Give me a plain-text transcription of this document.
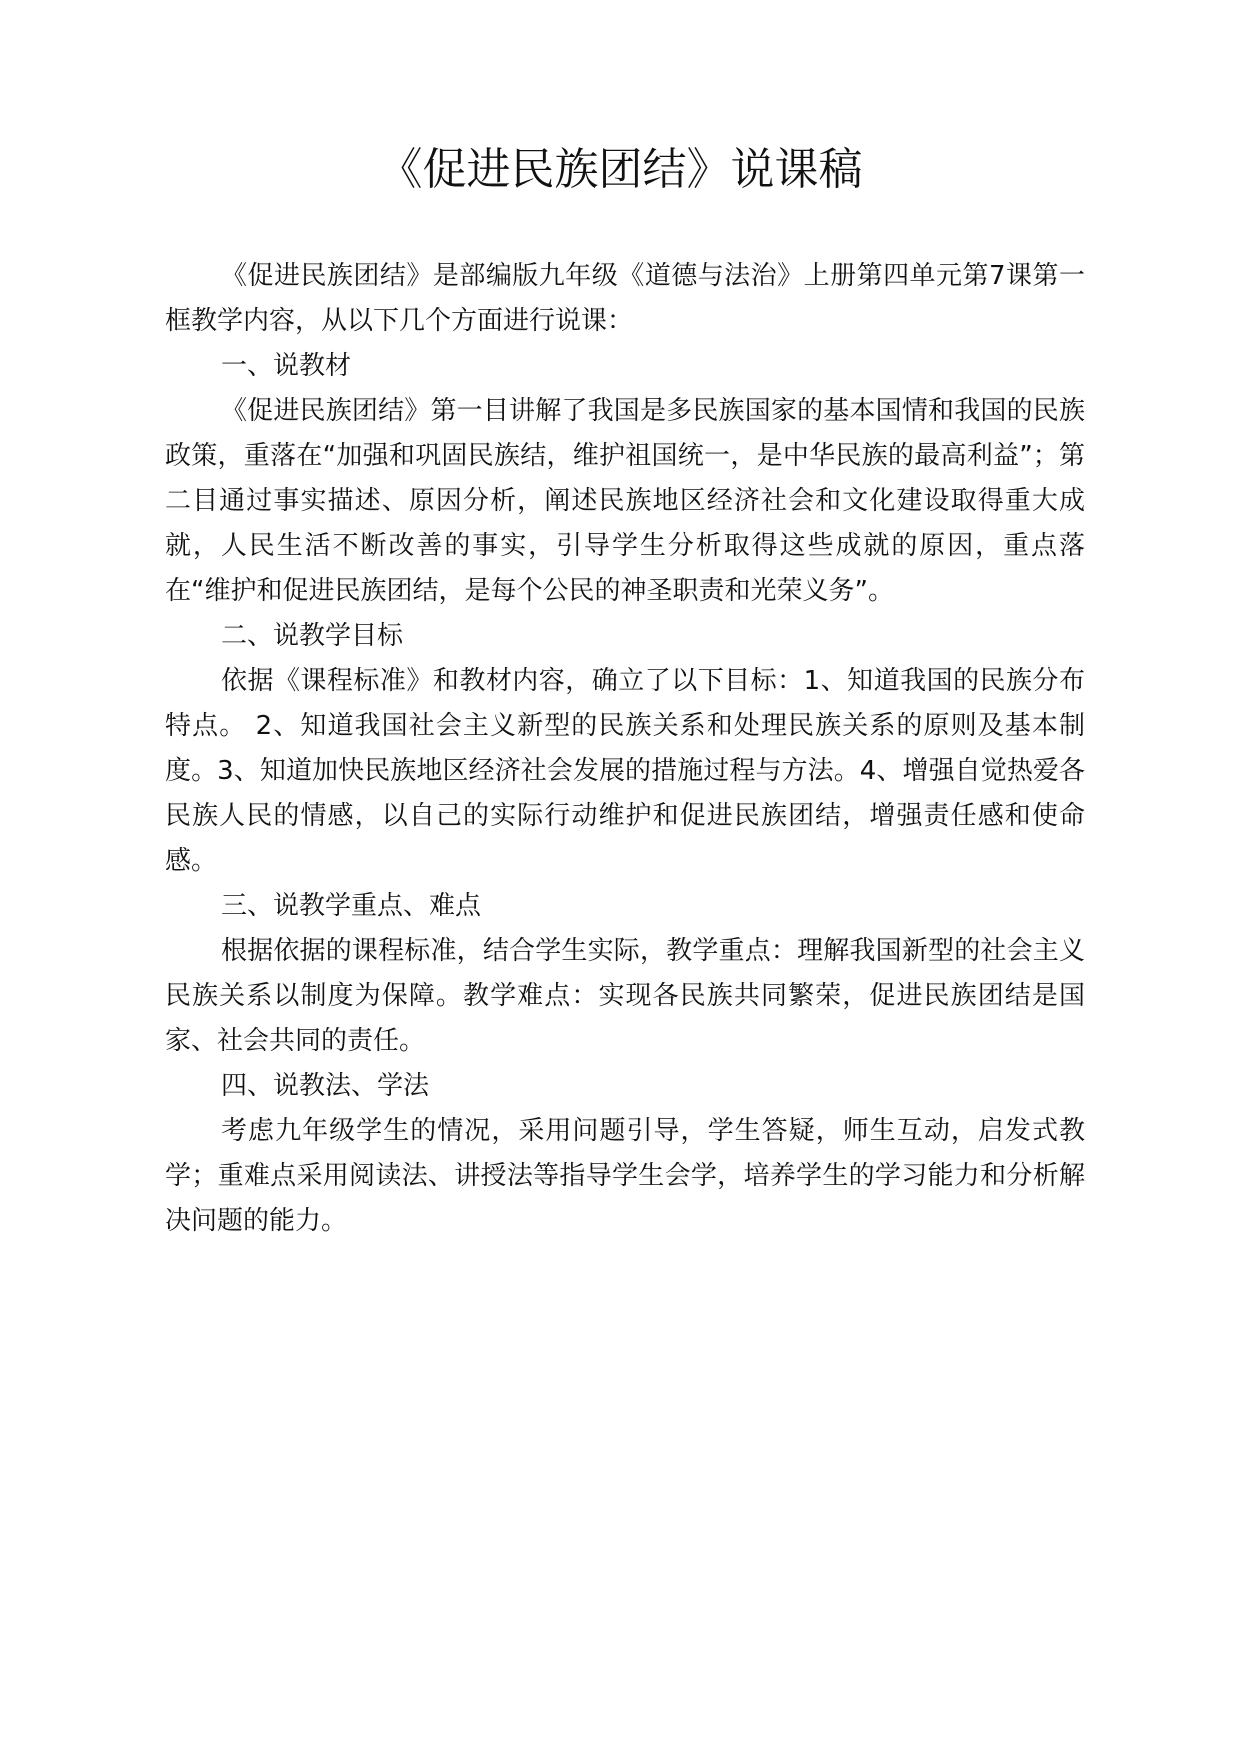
《促进民族团结》说课稿

《促进民族团结》是部编版九年级《道德与法治》上册第四单元第7课第一框教学内容，从以下几个方面进行说课：

一、说教材

《促进民族团结》第一目讲解了我国是多民族国家的基本国情和我国的民族政策，重落在“加强和巩固民族结，维护祖国统一，是中华民族的最高利益”；第二目通过事实描述、原因分析，阐述民族地区经济社会和文化建设取得重大成就，人民生活不断改善的事实，引导学生分析取得这些成就的原因，重点落在“维护和促进民族团结，是每个公民的神圣职责和光荣义务”。

二、说教学目标

依据《课程标准》和教材内容，确立了以下目标：1、知道我国的民族分布特点。 2、知道我国社会主义新型的民族关系和处理民族关系的原则及基本制度。3、知道加快民族地区经济社会发展的措施过程与方法。4、增强自觉热爱各民族人民的情感，以自己的实际行动维护和促进民族团结，增强责任感和使命感。

三、说教学重点、难点

根据依据的课程标准，结合学生实际，教学重点：理解我国新型的社会主义民族关系以制度为保障。教学难点：实现各民族共同繁荣，促进民族团结是国家、社会共同的责任。

四、说教法、学法

考虑九年级学生的情况，采用问题引导，学生答疑，师生互动，启发式教学；重难点采用阅读法、讲授法等指导学生会学，培养学生的学习能力和分析解决问题的能力。
